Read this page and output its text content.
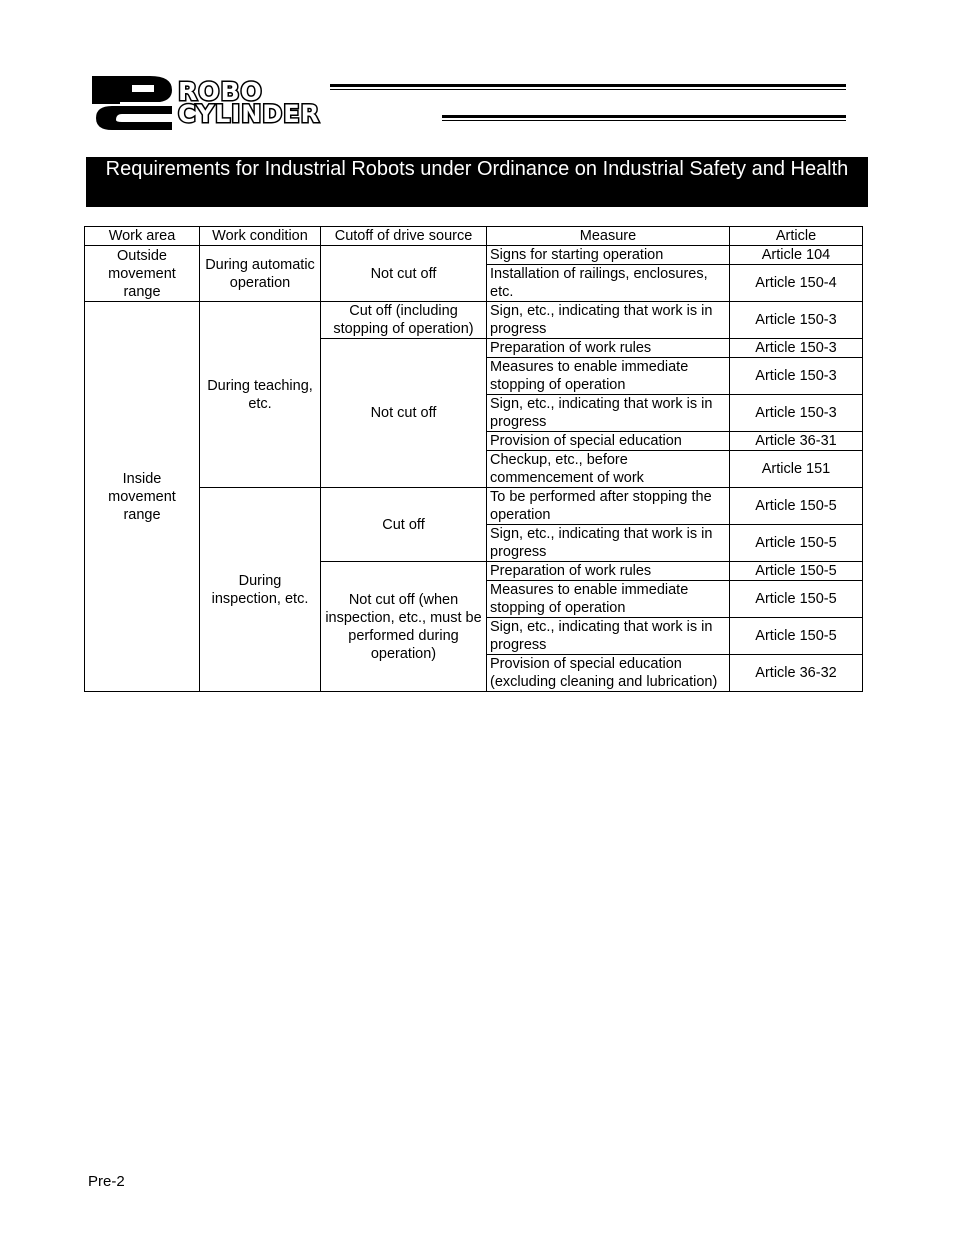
ROBO
CYLINDER
Requirements for Industrial Robots under Ordinance on Industrial Safety and Health
Work area	Work condition	Cutoff of drive source	Measure	Article
Outside movement range	During automatic operation	Not cut off	Signs for starting operation	Article 104
			Installation of railings, enclosures, etc.	Article 150-4
Inside movement range	During teaching, etc.	Cut off (including stopping of operation)	Sign, etc., indicating that work is in progress	Article 150-3
		Not cut off	Preparation of work rules	Article 150-3
			Measures to enable immediate stopping of operation	Article 150-3
			Sign, etc., indicating that work is in progress	Article 150-3
			Provision of special education	Article 36-31
			Checkup, etc., before commencement of work	Article 151
	During inspection, etc.	Cut off	To be performed after stopping the operation	Article 150-5
			Sign, etc., indicating that work is in progress	Article 150-5
		Not cut off (when inspection, etc., must be performed during operation)	Preparation of work rules	Article 150-5
			Measures to enable immediate stopping of operation	Article 150-5
			Sign, etc., indicating that work is in progress	Article 150-5
			Provision of special education (excluding cleaning and lubrication)	Article 36-32
Pre-2
